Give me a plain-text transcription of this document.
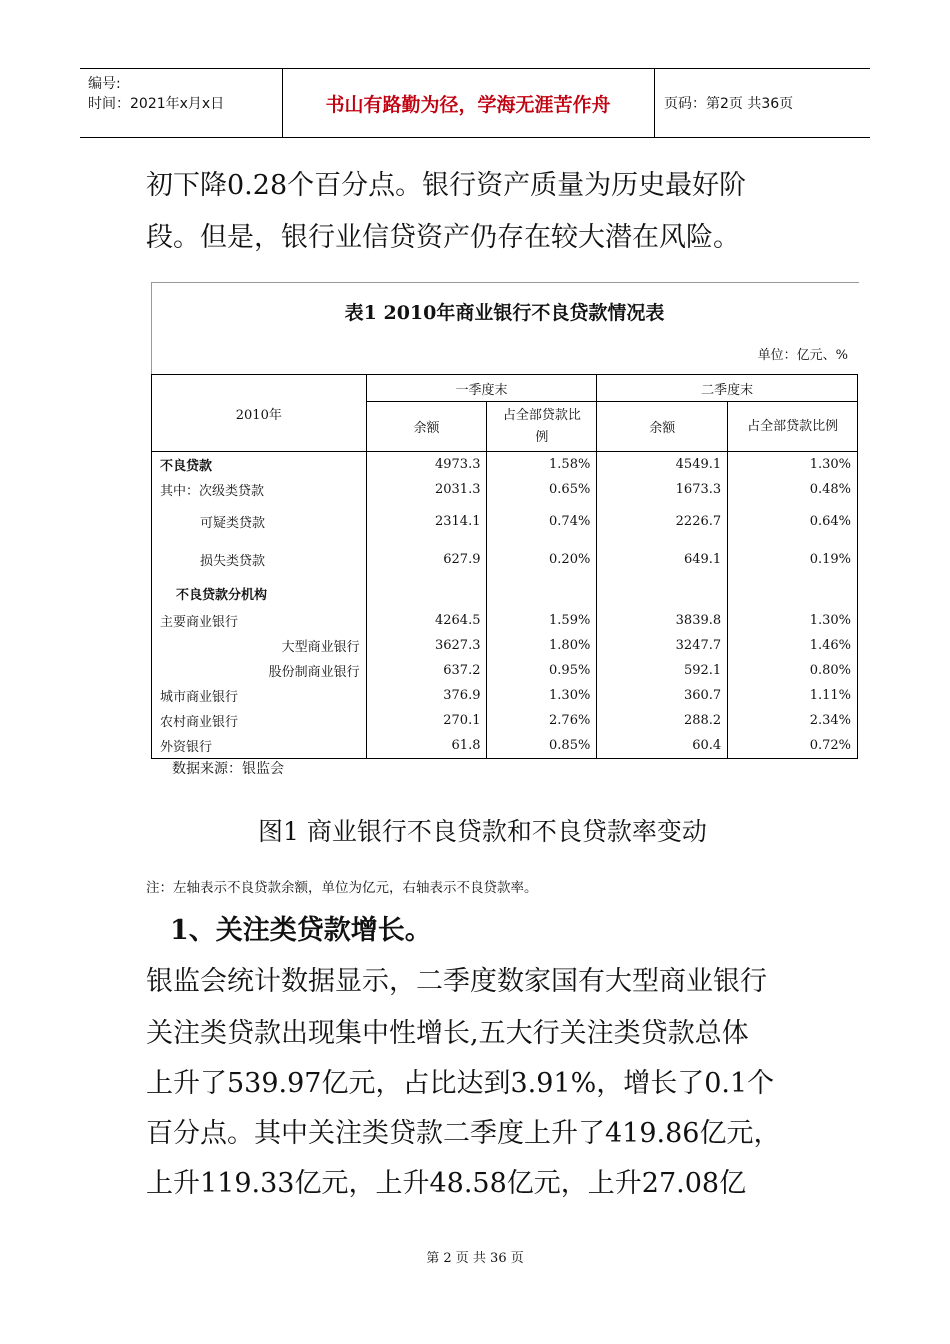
编号:
时间：2021年x月x日	书山有路勤为径，学海无涯苦作舟	页码：第2页 共36页
初下降0.28个百分点。银行资产质量为历史最好阶
段。但是，银行业信贷资产仍存在较大潜在风险。
表1 2010年商业银行不良贷款情况表
单位：亿元、%
2010年	一季度末		二季度末	
	余额	占全部贷款比例	余额	占全部贷款比例
不良贷款	4973.3	1.58%	4549.1	1.30%
其中：次级类贷款	2031.3	0.65%	1673.3	0.48%
可疑类贷款	2314.1	0.74%	2226.7	0.64%
损失类贷款	627.9	0.20%	649.1	0.19%
不良贷款分机构				
主要商业银行	4264.5	1.59%	3839.8	1.30%
大型商业银行	3627.3	1.80%	3247.7	1.46%
股份制商业银行	637.2	0.95%	592.1	0.80%
城市商业银行	376.9	1.30%	360.7	1.11%
农村商业银行	270.1	2.76%	288.2	2.34%
外资银行	61.8	0.85%	60.4	0.72%
数据来源：银监会
图1 商业银行不良贷款和不良贷款率变动
注：左轴表示不良贷款余额，单位为亿元，右轴表示不良贷款率。
1、关注类贷款增长。
银监会统计数据显示，二季度数家国有大型商业银行
关注类贷款出现集中性增长,五大行关注类贷款总体
上升了539.97亿元，占比达到3.91%，增长了0.1个
百分点。其中关注类贷款二季度上升了419.86亿元，
上升119.33亿元，上升48.58亿元，上升27.08亿
第 2 页 共 36 页
